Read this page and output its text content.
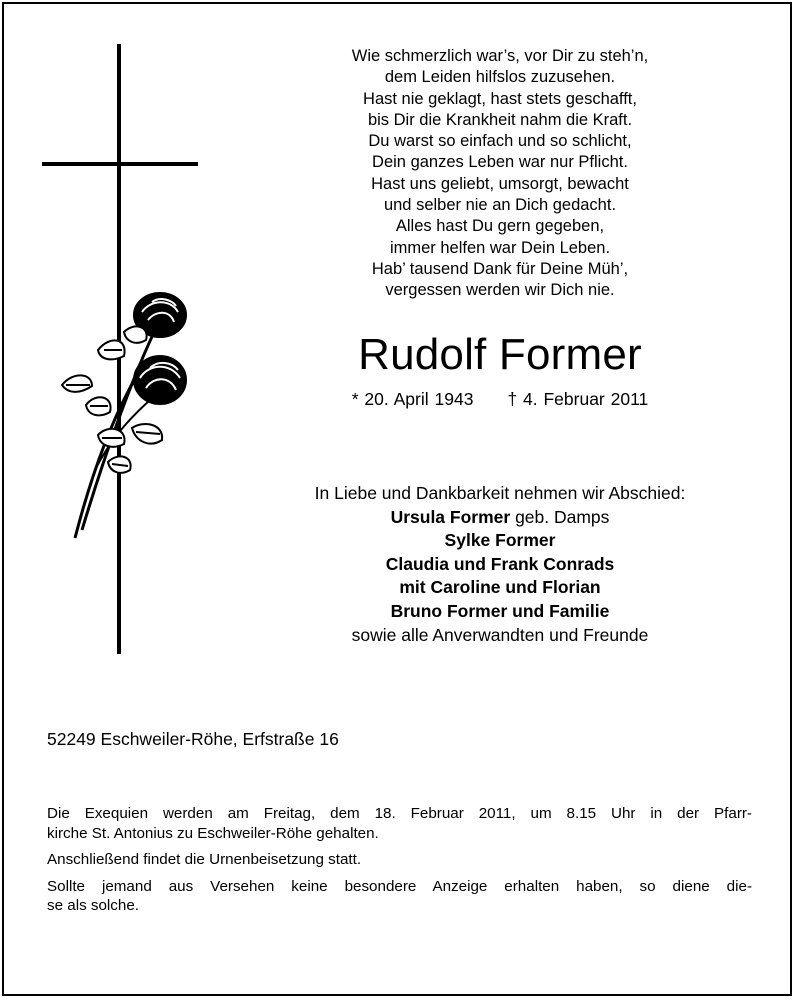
Wie schmerzlich war’s, vor Dir zu steh’n,
dem Leiden hilfslos zuzusehen.
Hast nie geklagt, hast stets geschafft,
bis Dir die Krankheit nahm die Kraft.
Du warst so einfach und so schlicht,
Dein ganzes Leben war nur Pflicht.
Hast uns geliebt, umsorgt, bewacht
und selber nie an Dich gedacht.
Alles hast Du gern gegeben,
immer helfen war Dein Leben.
Hab’ tausend Dank für Deine Müh’,
vergessen werden wir Dich nie.
Rudolf Former
* 20. April 1943 † 4. Februar 2011
In Liebe und Dankbarkeit nehmen wir Abschied:
Ursula Former geb. Damps
Sylke Former
Claudia und Frank Conrads
mit Caroline und Florian
Bruno Former und Familie
sowie alle Anverwandten und Freunde
52249 Eschweiler-Röhe, Erfstraße 16

Die Exequien werden am Freitag, dem 18. Februar 2011, um 8.15 Uhr in der Pfarr-
kirche St. Antonius zu Eschweiler-Röhe gehalten.

Anschließend findet die Urnenbeisetzung statt.

Sollte jemand aus Versehen keine besondere Anzeige erhalten haben, so diene die-
se als solche.
